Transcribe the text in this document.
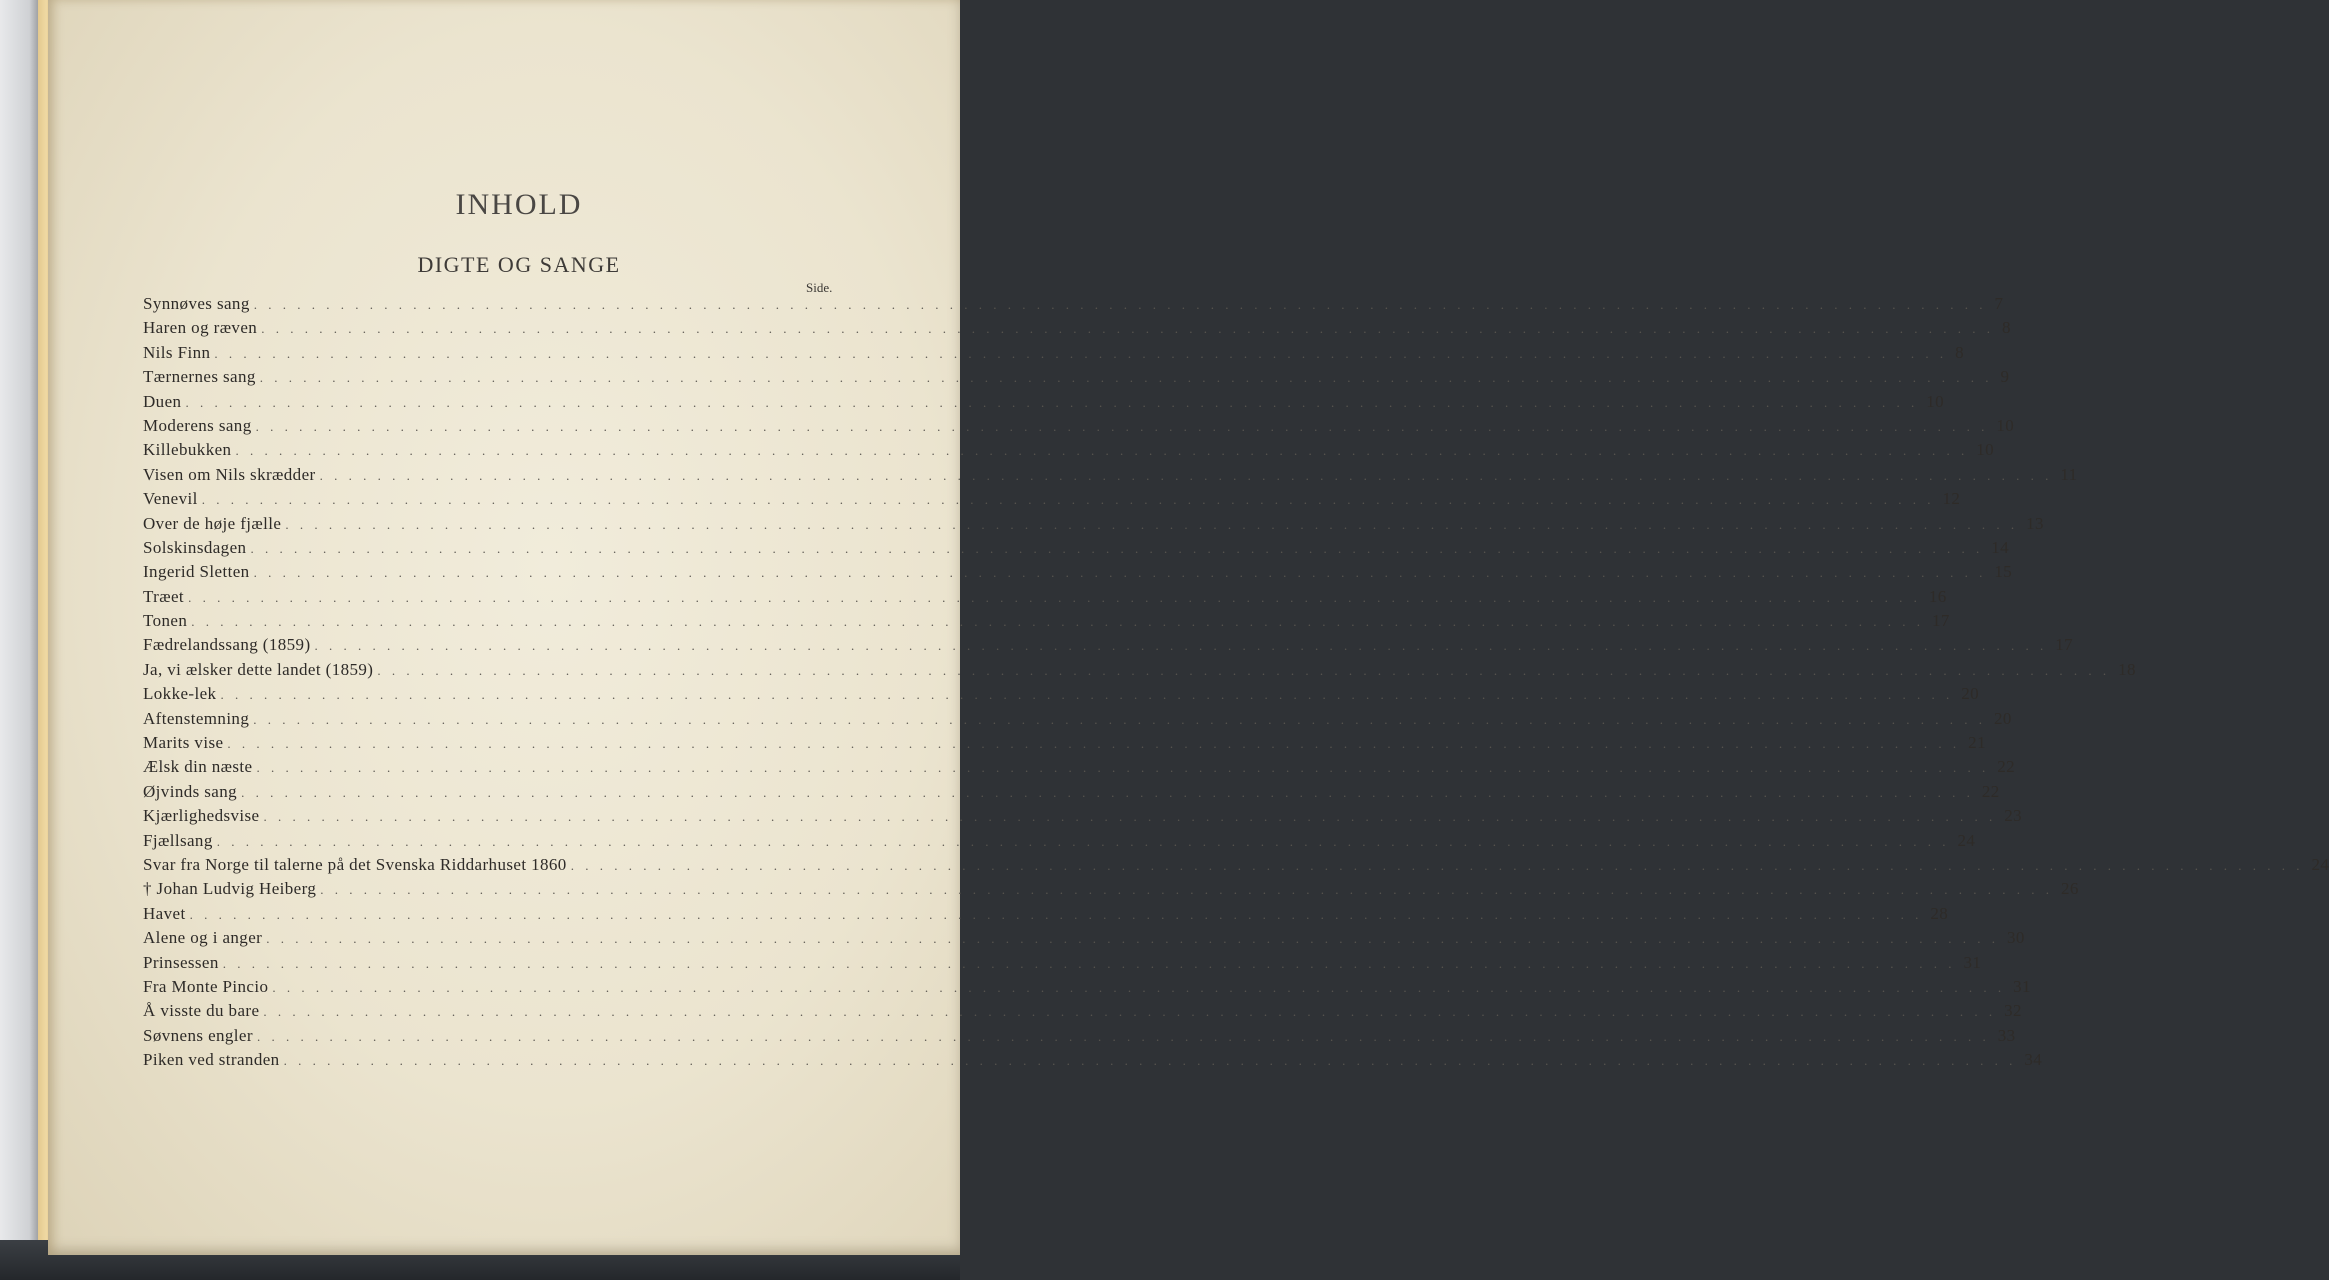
INHOLD
DIGTE OG SANGE
Side.
Synnøves sang . . . . . . . . . . . . . . . . . . . . . . . . . . . . . . . . . . . . . . . . . . . . . . . . . . . . . . . . . . . . . . . . . . . . . . . . . . . . . . . . . . . . . . . . . . . . . . . . . . . . . . . . . . . . . . . . . . . . . . . . 7
Haren og ræven . . . . . . . . . . . . . . . . . . . . . . . . . . . . . . . . . . . . . . . . . . . . . . . . . . . . . . . . . . . . . . . . . . . . . . . . . . . . . . . . . . . . . . . . . . . . . . . . . . . . . . . . . . . . . . . . . . . . . . . . 8
Nils Finn . . . . . . . . . . . . . . . . . . . . . . . . . . . . . . . . . . . . . . . . . . . . . . . . . . . . . . . . . . . . . . . . . . . . . . . . . . . . . . . . . . . . . . . . . . . . . . . . . . . . . . . . . . . . . . . . . . . . . . . . 8
Tærnernes sang . . . . . . . . . . . . . . . . . . . . . . . . . . . . . . . . . . . . . . . . . . . . . . . . . . . . . . . . . . . . . . . . . . . . . . . . . . . . . . . . . . . . . . . . . . . . . . . . . . . . . . . . . . . . . . . . . . . . . . . . 9
Duen . . . . . . . . . . . . . . . . . . . . . . . . . . . . . . . . . . . . . . . . . . . . . . . . . . . . . . . . . . . . . . . . . . . . . . . . . . . . . . . . . . . . . . . . . . . . . . . . . . . . . . . . . . . . . . . . . . . . . . . . 10
Moderens sang . . . . . . . . . . . . . . . . . . . . . . . . . . . . . . . . . . . . . . . . . . . . . . . . . . . . . . . . . . . . . . . . . . . . . . . . . . . . . . . . . . . . . . . . . . . . . . . . . . . . . . . . . . . . . . . . . . . . . . . . 10
Killebukken . . . . . . . . . . . . . . . . . . . . . . . . . . . . . . . . . . . . . . . . . . . . . . . . . . . . . . . . . . . . . . . . . . . . . . . . . . . . . . . . . . . . . . . . . . . . . . . . . . . . . . . . . . . . . . . . . . . . . . . . 10
Visen om Nils skrædder . . . . . . . . . . . . . . . . . . . . . . . . . . . . . . . . . . . . . . . . . . . . . . . . . . . . . . . . . . . . . . . . . . . . . . . . . . . . . . . . . . . . . . . . . . . . . . . . . . . . . . . . . . . . . . . . . . . . . . . . 11
Venevil . . . . . . . . . . . . . . . . . . . . . . . . . . . . . . . . . . . . . . . . . . . . . . . . . . . . . . . . . . . . . . . . . . . . . . . . . . . . . . . . . . . . . . . . . . . . . . . . . . . . . . . . . . . . . . . . . . . . . . . . 12
Over de høje fjælle . . . . . . . . . . . . . . . . . . . . . . . . . . . . . . . . . . . . . . . . . . . . . . . . . . . . . . . . . . . . . . . . . . . . . . . . . . . . . . . . . . . . . . . . . . . . . . . . . . . . . . . . . . . . . . . . . . . . . . . . 13
Solskinsdagen . . . . . . . . . . . . . . . . . . . . . . . . . . . . . . . . . . . . . . . . . . . . . . . . . . . . . . . . . . . . . . . . . . . . . . . . . . . . . . . . . . . . . . . . . . . . . . . . . . . . . . . . . . . . . . . . . . . . . . . . 14
Ingerid Sletten . . . . . . . . . . . . . . . . . . . . . . . . . . . . . . . . . . . . . . . . . . . . . . . . . . . . . . . . . . . . . . . . . . . . . . . . . . . . . . . . . . . . . . . . . . . . . . . . . . . . . . . . . . . . . . . . . . . . . . . . 15
Træet . . . . . . . . . . . . . . . . . . . . . . . . . . . . . . . . . . . . . . . . . . . . . . . . . . . . . . . . . . . . . . . . . . . . . . . . . . . . . . . . . . . . . . . . . . . . . . . . . . . . . . . . . . . . . . . . . . . . . . . . 16
Tonen . . . . . . . . . . . . . . . . . . . . . . . . . . . . . . . . . . . . . . . . . . . . . . . . . . . . . . . . . . . . . . . . . . . . . . . . . . . . . . . . . . . . . . . . . . . . . . . . . . . . . . . . . . . . . . . . . . . . . . . . 17
Fædrelandssang (1859) . . . . . . . . . . . . . . . . . . . . . . . . . . . . . . . . . . . . . . . . . . . . . . . . . . . . . . . . . . . . . . . . . . . . . . . . . . . . . . . . . . . . . . . . . . . . . . . . . . . . . . . . . . . . . . . . . . . . . . . . 17
Ja, vi ælsker dette landet (1859) . . . . . . . . . . . . . . . . . . . . . . . . . . . . . . . . . . . . . . . . . . . . . . . . . . . . . . . . . . . . . . . . . . . . . . . . . . . . . . . . . . . . . . . . . . . . . . . . . . . . . . . . . . . . . . . . . . . . . . . . 18
Lokke-lek . . . . . . . . . . . . . . . . . . . . . . . . . . . . . . . . . . . . . . . . . . . . . . . . . . . . . . . . . . . . . . . . . . . . . . . . . . . . . . . . . . . . . . . . . . . . . . . . . . . . . . . . . . . . . . . . . . . . . . . . 20
Aftenstemning . . . . . . . . . . . . . . . . . . . . . . . . . . . . . . . . . . . . . . . . . . . . . . . . . . . . . . . . . . . . . . . . . . . . . . . . . . . . . . . . . . . . . . . . . . . . . . . . . . . . . . . . . . . . . . . . . . . . . . . . 20
Marits vise . . . . . . . . . . . . . . . . . . . . . . . . . . . . . . . . . . . . . . . . . . . . . . . . . . . . . . . . . . . . . . . . . . . . . . . . . . . . . . . . . . . . . . . . . . . . . . . . . . . . . . . . . . . . . . . . . . . . . . . . 21
Ælsk din næste . . . . . . . . . . . . . . . . . . . . . . . . . . . . . . . . . . . . . . . . . . . . . . . . . . . . . . . . . . . . . . . . . . . . . . . . . . . . . . . . . . . . . . . . . . . . . . . . . . . . . . . . . . . . . . . . . . . . . . . . 22
Øjvinds sang . . . . . . . . . . . . . . . . . . . . . . . . . . . . . . . . . . . . . . . . . . . . . . . . . . . . . . . . . . . . . . . . . . . . . . . . . . . . . . . . . . . . . . . . . . . . . . . . . . . . . . . . . . . . . . . . . . . . . . . . 22
Kjærlighedsvise . . . . . . . . . . . . . . . . . . . . . . . . . . . . . . . . . . . . . . . . . . . . . . . . . . . . . . . . . . . . . . . . . . . . . . . . . . . . . . . . . . . . . . . . . . . . . . . . . . . . . . . . . . . . . . . . . . . . . . . . 23
Fjællsang . . . . . . . . . . . . . . . . . . . . . . . . . . . . . . . . . . . . . . . . . . . . . . . . . . . . . . . . . . . . . . . . . . . . . . . . . . . . . . . . . . . . . . . . . . . . . . . . . . . . . . . . . . . . . . . . . . . . . . . . 24
Svar fra Norge til talerne på det Svenska Riddarhuset 1860 . . . . . . . . . . . . . . . . . . . . . . . . . . . . . . . . . . . . . . . . . . . . . . . . . . . . . . . . . . . . . . . . . . . . . . . . . . . . . . . . . . . . . . . . . . . . . . . . . . . . . . . . . . . . . . . . . . . . . . . . 24
† Johan Ludvig Heiberg . . . . . . . . . . . . . . . . . . . . . . . . . . . . . . . . . . . . . . . . . . . . . . . . . . . . . . . . . . . . . . . . . . . . . . . . . . . . . . . . . . . . . . . . . . . . . . . . . . . . . . . . . . . . . . . . . . . . . . . . 26
Havet . . . . . . . . . . . . . . . . . . . . . . . . . . . . . . . . . . . . . . . . . . . . . . . . . . . . . . . . . . . . . . . . . . . . . . . . . . . . . . . . . . . . . . . . . . . . . . . . . . . . . . . . . . . . . . . . . . . . . . . . 28
Alene og i anger . . . . . . . . . . . . . . . . . . . . . . . . . . . . . . . . . . . . . . . . . . . . . . . . . . . . . . . . . . . . . . . . . . . . . . . . . . . . . . . . . . . . . . . . . . . . . . . . . . . . . . . . . . . . . . . . . . . . . . . . 30
Prinsessen . . . . . . . . . . . . . . . . . . . . . . . . . . . . . . . . . . . . . . . . . . . . . . . . . . . . . . . . . . . . . . . . . . . . . . . . . . . . . . . . . . . . . . . . . . . . . . . . . . . . . . . . . . . . . . . . . . . . . . . . 31
Fra Monte Pincio . . . . . . . . . . . . . . . . . . . . . . . . . . . . . . . . . . . . . . . . . . . . . . . . . . . . . . . . . . . . . . . . . . . . . . . . . . . . . . . . . . . . . . . . . . . . . . . . . . . . . . . . . . . . . . . . . . . . . . . . 31
Å visste du bare . . . . . . . . . . . . . . . . . . . . . . . . . . . . . . . . . . . . . . . . . . . . . . . . . . . . . . . . . . . . . . . . . . . . . . . . . . . . . . . . . . . . . . . . . . . . . . . . . . . . . . . . . . . . . . . . . . . . . . . . 32
Søvnens engler . . . . . . . . . . . . . . . . . . . . . . . . . . . . . . . . . . . . . . . . . . . . . . . . . . . . . . . . . . . . . . . . . . . . . . . . . . . . . . . . . . . . . . . . . . . . . . . . . . . . . . . . . . . . . . . . . . . . . . . . 33
Piken ved stranden . . . . . . . . . . . . . . . . . . . . . . . . . . . . . . . . . . . . . . . . . . . . . . . . . . . . . . . . . . . . . . . . . . . . . . . . . . . . . . . . . . . . . . . . . . . . . . . . . . . . . . . . . . . . . . . . . . . . . . . . 34
